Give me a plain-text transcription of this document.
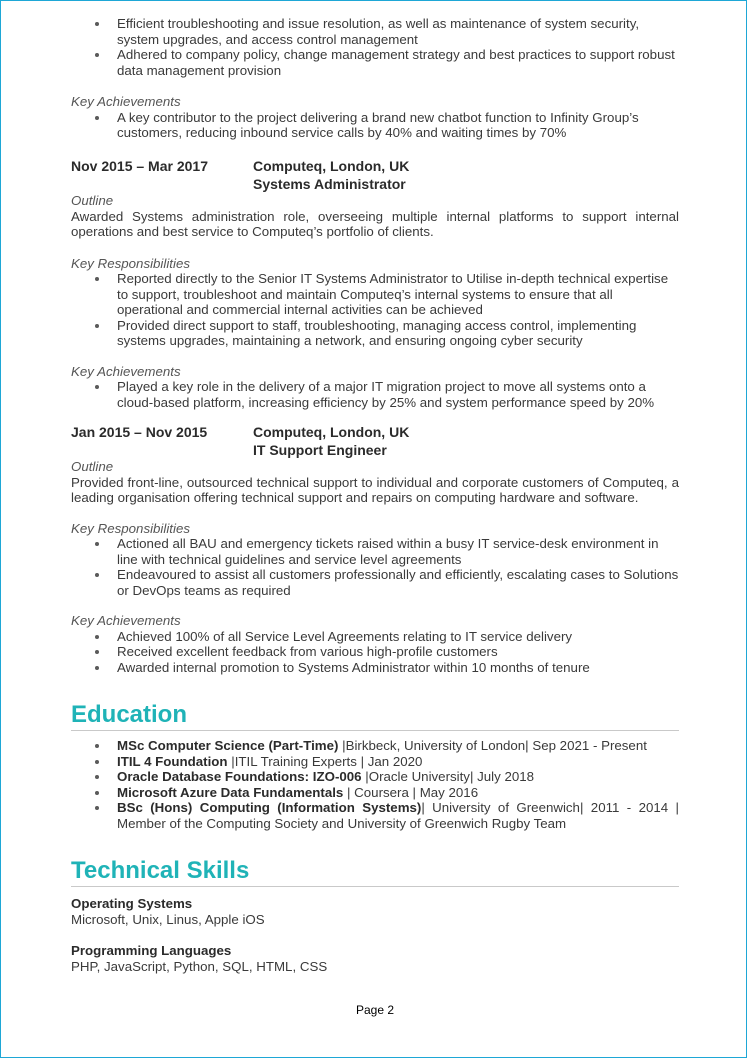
Efficient troubleshooting and issue resolution, as well as maintenance of system security, system upgrades, and access control management
Adhered to company policy, change management strategy and best practices to support robust data management provision
Key Achievements
A key contributor to the project delivering a brand new chatbot function to Infinity Group’s customers, reducing inbound service calls by 40% and waiting times by 70%
Nov 2015 – Mar 2017	Computeq, London, UK
Systems Administrator
Outline
Awarded Systems administration role, overseeing multiple internal platforms to support internal operations and best service to Computeq’s portfolio of clients.
Key Responsibilities
Reported directly to the Senior IT Systems Administrator to Utilise in-depth technical expertise to support, troubleshoot and maintain Computeq’s internal systems to ensure that all operational and commercial internal activities can be achieved
Provided direct support to staff, troubleshooting, managing access control, implementing systems upgrades, maintaining a network, and ensuring ongoing cyber security
Key Achievements
Played a key role in the delivery of a major IT migration project to move all systems onto a cloud-based platform, increasing efficiency by 25% and system performance speed by 20%
Jan 2015 – Nov 2015	Computeq, London, UK
IT Support Engineer
Outline
Provided front-line, outsourced technical support to individual and corporate customers of Computeq, a leading organisation offering technical support and repairs on computing hardware and software.
Key Responsibilities
Actioned all BAU and emergency tickets raised within a busy IT service-desk environment in line with technical guidelines and service level agreements
Endeavoured to assist all customers professionally and efficiently, escalating cases to Solutions or DevOps teams as required
Key Achievements
Achieved 100% of all Service Level Agreements relating to IT service delivery
Received excellent feedback from various high-profile customers
Awarded internal promotion to Systems Administrator within 10 months of tenure
Education
MSc Computer Science (Part-Time) |Birkbeck, University of London| Sep 2021 - Present
ITIL 4 Foundation |ITIL Training Experts | Jan 2020
Oracle Database Foundations: IZO-006 |Oracle University| July 2018
Microsoft Azure Data Fundamentals | Coursera | May 2016
BSc (Hons) Computing (Information Systems)| University of Greenwich| 2011 - 2014 | Member of the Computing Society and University of Greenwich Rugby Team
Technical Skills
Operating Systems
Microsoft, Unix, Linus, Apple iOS
Programming Languages
PHP, JavaScript, Python, SQL, HTML, CSS
Page 2
